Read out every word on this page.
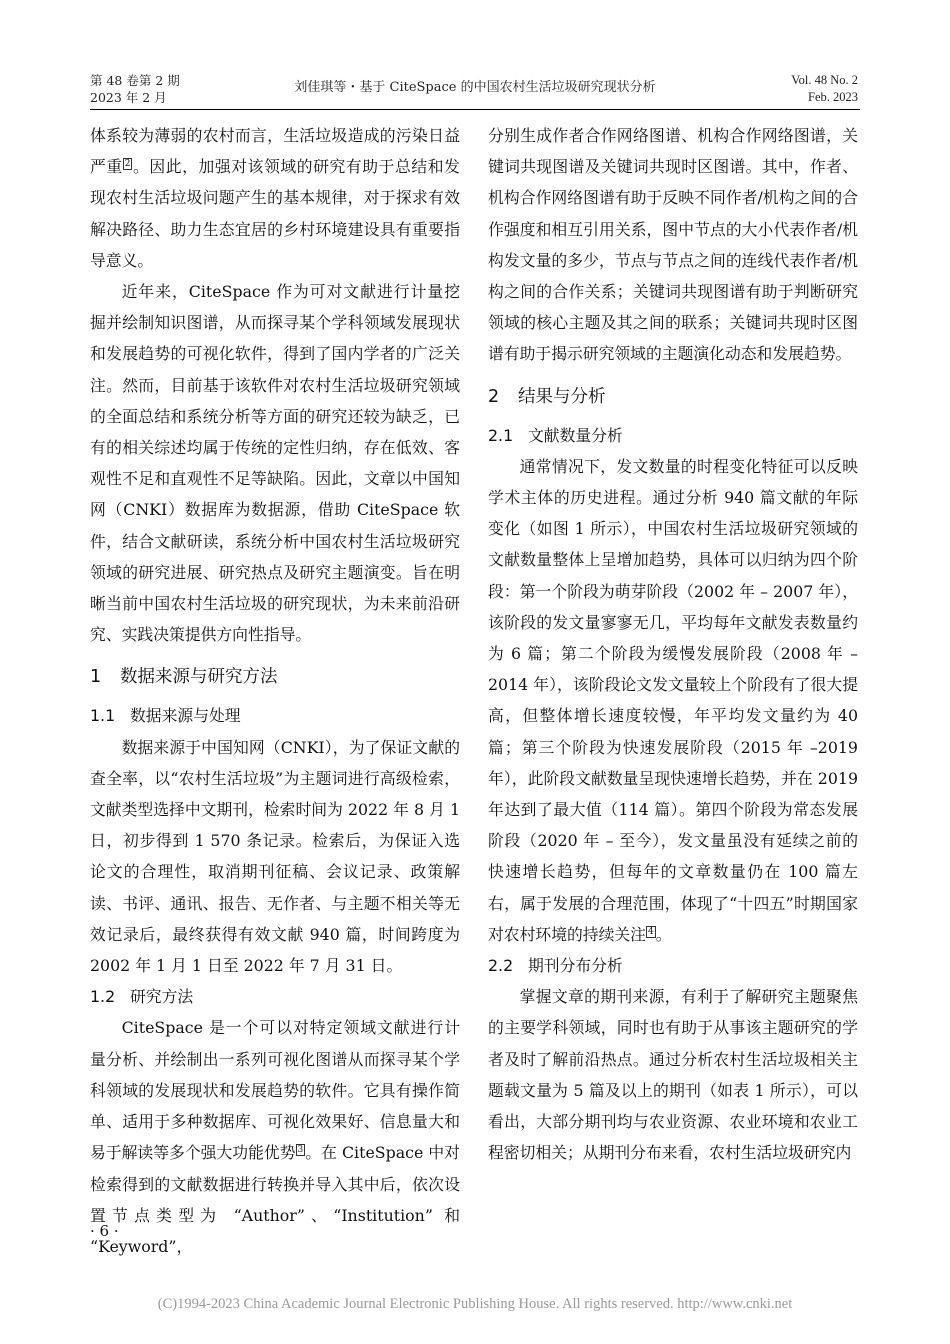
第 48 卷第 2 期
2023 年 2 月
刘佳琪等・基于 CiteSpace 的中国农村生活垃圾研究现状分析	Vol. 48 No. 2
Feb. 2023

体系较为薄弱的农村而言，生活垃圾造成的污染日益严重 $^2$ 。因此，加强对该领域的研究有助于总结和发现农村生活垃圾问题产生的基本规律，对于探求有效解决路径、助力生态宜居的乡村环境建设具有重要指导意义。

近年来，CiteSpace 作为可对文献进行计量挖掘并绘制知识图谱，从而探寻某个学科领域发展现状和发展趋势的可视化软件，得到了国内学者的广泛关注。然而，目前基于该软件对农村生活垃圾研究领域的全面总结和系统分析等方面的研究还较为缺乏，已有的相关综述均属于传统的定性归纳，存在低效、客观性不足和直观性不足等缺陷。因此，文章以中国知网（CNKI）数据库为数据源，借助 CiteSpace 软件，结合文献研读，系统分析中国农村生活垃圾研究领域的研究进展、研究热点及研究主题演变。旨在明晰当前中国农村生活垃圾的研究现状，为未来前沿研究、实践决策提供方向性指导。

1 数据来源与研究方法
1.1 数据来源与处理

数据来源于中国知网（CNKI），为了保证文献的查全率，以“农村生活垃圾”为主题词进行高级检索，文献类型选择中文期刊，检索时间为 2022 年 8 月 1 日，初步得到 1 570 条记录。检索后，为保证入选论文的合理性，取消期刊征稿、会议记录、政策解读、书评、通讯、报告、无作者、与主题不相关等无效记录后，最终获得有效文献 940 篇，时间跨度为 2002 年 1 月 1 日至 2022 年 7 月 31 日。

1.2 研究方法

CiteSpace 是一个可以对特定领域文献进行计量分析、并绘制出一系列可视化图谱从而探寻某个学科领域的发展现状和发展趋势的软件。它具有操作简单、适用于多种数据库、可视化效果好、信息量大和易于解读等多个强大功能优势 $^3$ 。在 CiteSpace 中对检索得到的文献数据进行转换并导入其中后，依次设置节点类型为 “Author”、“Institution” 和 “Keyword”，

分别生成作者合作网络图谱、机构合作网络图谱，关键词共现图谱及关键词共现时区图谱。其中，作者、机构合作网络图谱有助于反映不同作者/机构之间的合作强度和相互引用关系，图中节点的大小代表作者/机构发文量的多少，节点与节点之间的连线代表作者/机构之间的合作关系；关键词共现图谱有助于判断研究领域的核心主题及其之间的联系；关键词共现时区图谱有助于揭示研究领域的主题演化动态和发展趋势。

2 结果与分析
2.1 文献数量分析

通常情况下，发文数量的时程变化特征可以反映学术主体的历史进程。通过分析 940 篇文献的年际变化（如图 1 所示），中国农村生活垃圾研究领域的文献数量整体上呈增加趋势，具体可以归纳为四个阶段：第一个阶段为萌芽阶段（2002 年 – 2007 年），该阶段的发文量寥寥无几，平均每年文献发表数量约为 6 篇；第二个阶段为缓慢发展阶段（2008 年 –2014 年），该阶段论文发文量较上个阶段有了很大提高，但整体增长速度较慢，年平均发文量约为 40 篇；第三个阶段为快速发展阶段（2015 年 –2019 年），此阶段文献数量呈现快速增长趋势，并在 2019 年达到了最大值（114 篇）。第四个阶段为常态发展阶段（2020 年 – 至今），发文量虽没有延续之前的快速增长趋势，但每年的文章数量仍在 100 篇左右，属于发展的合理范围，体现了“十四五”时期国家对农村环境的持续关注 $^4$ 。

2.2 期刊分布分析

掌握文章的期刊来源，有利于了解研究主题聚焦的主要学科领域，同时也有助于从事该主题研究的学者及时了解前沿热点。通过分析农村生活垃圾相关主题载文量为 5 篇及以上的期刊（如表 1 所示），可以看出，大部分期刊均与农业资源、农业环境和农业工程密切相关；从期刊分布来看，农村生活垃圾研究内

· 6 ·
(C)1994-2023 China Academic Journal Electronic Publishing House. All rights reserved. http://www.cnki.net
